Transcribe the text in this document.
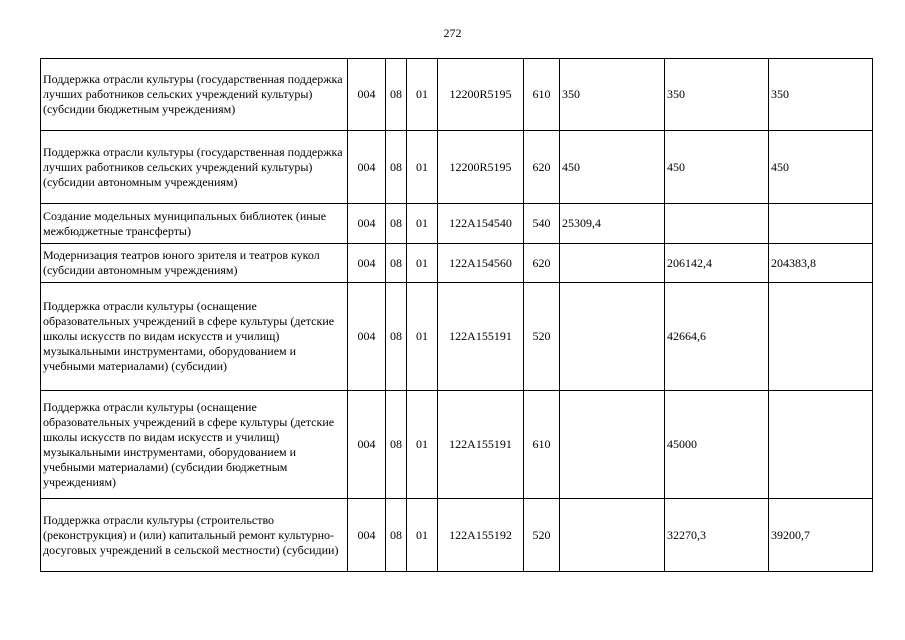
272
Поддержка отрасли культуры (государственная поддержка лучших работников сельских учреждений культуры) (субсидии бюджетным учреждениям)	004	08	01	12200R5195	610	350	350	350
Поддержка отрасли культуры (государственная поддержка лучших работников сельских учреждений культуры) (субсидии автономным учреждениям)	004	08	01	12200R5195	620	450	450	450
Создание модельных муниципальных библиотек (иные межбюджетные трансферты)	004	08	01	122A154540	540	25309,4		
Модернизация театров юного зрителя и театров кукол (субсидии автономным учреждениям)	004	08	01	122A154560	620		206142,4	204383,8
Поддержка отрасли культуры (оснащение образовательных учреждений в сфере культуры (детские школы искусств по видам искусств и училищ) музыкальными инструментами, оборудованием и учебными материалами) (субсидии)	004	08	01	122A155191	520		42664,6	
Поддержка отрасли культуры (оснащение образовательных учреждений в сфере культуры (детские школы искусств по видам искусств и училищ) музыкальными инструментами, оборудованием и учебными материалами) (субсидии бюджетным учреждениям)	004	08	01	122A155191	610		45000	
Поддержка отрасли культуры (строительство (реконструкция) и (или) капитальный ремонт культурно-досуговых учреждений в сельской местности) (субсидии)	004	08	01	122A155192	520		32270,3	39200,7
